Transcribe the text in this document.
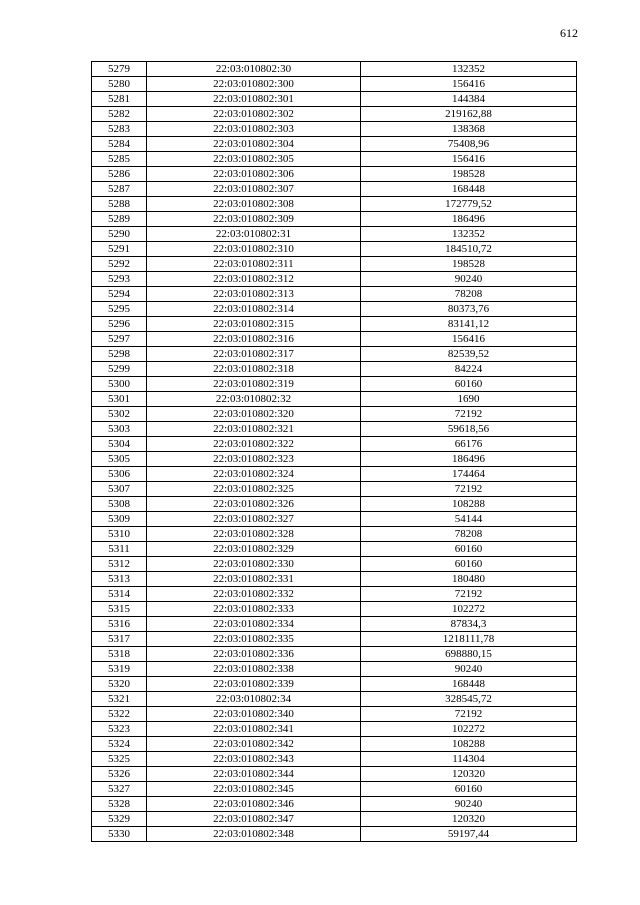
612
5279	22:03:010802:30	132352
5280	22:03:010802:300	156416
5281	22:03:010802:301	144384
5282	22:03:010802:302	219162,88
5283	22:03:010802:303	138368
5284	22:03:010802:304	75408,96
5285	22:03:010802:305	156416
5286	22:03:010802:306	198528
5287	22:03:010802:307	168448
5288	22:03:010802:308	172779,52
5289	22:03:010802:309	186496
5290	22:03:010802:31	132352
5291	22:03:010802:310	184510,72
5292	22:03:010802:311	198528
5293	22:03:010802:312	90240
5294	22:03:010802:313	78208
5295	22:03:010802:314	80373,76
5296	22:03:010802:315	83141,12
5297	22:03:010802:316	156416
5298	22:03:010802:317	82539,52
5299	22:03:010802:318	84224
5300	22:03:010802:319	60160
5301	22:03:010802:32	1690
5302	22:03:010802:320	72192
5303	22:03:010802:321	59618,56
5304	22:03:010802:322	66176
5305	22:03:010802:323	186496
5306	22:03:010802:324	174464
5307	22:03:010802:325	72192
5308	22:03:010802:326	108288
5309	22:03:010802:327	54144
5310	22:03:010802:328	78208
5311	22:03:010802:329	60160
5312	22:03:010802:330	60160
5313	22:03:010802:331	180480
5314	22:03:010802:332	72192
5315	22:03:010802:333	102272
5316	22:03:010802:334	87834,3
5317	22:03:010802:335	1218111,78
5318	22:03:010802:336	698880,15
5319	22:03:010802:338	90240
5320	22:03:010802:339	168448
5321	22:03:010802:34	328545,72
5322	22:03:010802:340	72192
5323	22:03:010802:341	102272
5324	22:03:010802:342	108288
5325	22:03:010802:343	114304
5326	22:03:010802:344	120320
5327	22:03:010802:345	60160
5328	22:03:010802:346	90240
5329	22:03:010802:347	120320
5330	22:03:010802:348	59197,44
